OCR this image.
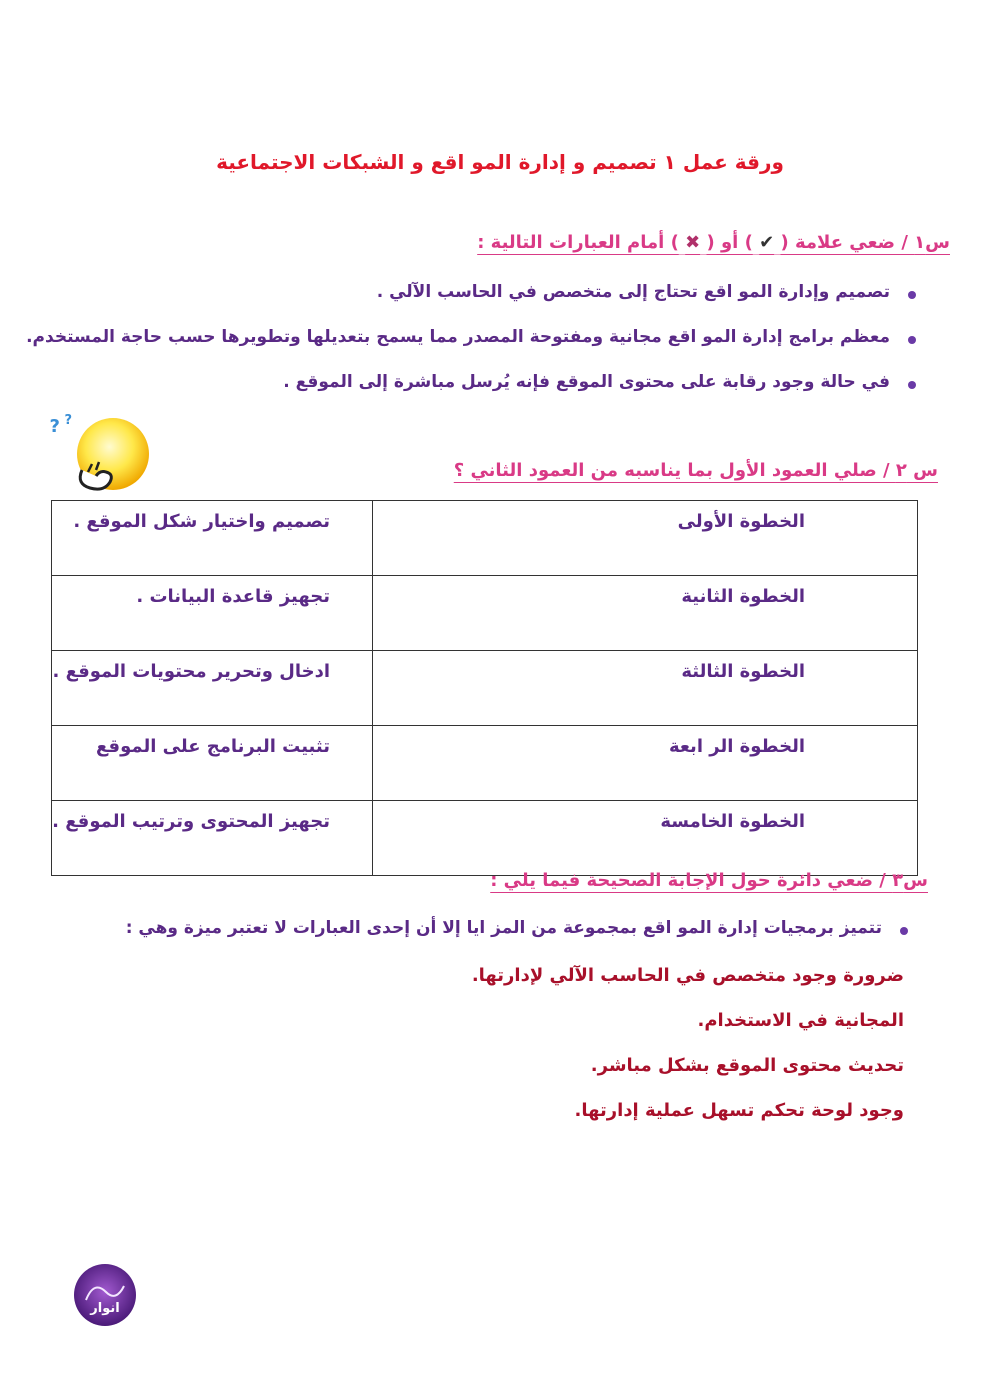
ورقة عمل ١ تصميم و إدارة المو اقع و الشبكات الاجتماعية
س١ / ضعي علامة ( ✔ ) أو ( ✖ ) أمام العبارات التالية :
تصميم وإدارة المو اقع تحتاج إلى متخصص في الحاسب الآلي .
معظم برامج إدارة المو اقع مجانية ومفتوحة المصدر مما يسمح بتعديلها وتطويرها حسب حاجة المستخدم.
في حالة وجود رقابة على محتوى الموقع فإنه يُرسل مباشرة إلى الموقع .
? ?
س ٢ / صلي العمود الأول بما يناسبه من العمود الثاني ؟
الخطوة الأولى	تصميم واختيار شكل الموقع .
الخطوة الثانية	تجهيز قاعدة البيانات .
الخطوة الثالثة	ادخال وتحرير محتويات الموقع .
الخطوة الر ابعة	تثبيت البرنامج على الموقع
الخطوة الخامسة	تجهيز المحتوى وترتيب الموقع .
س٣ / ضعي دائرة حول الإجابة الصحيحة فيما يلي :
تتميز برمجيات إدارة المو اقع بمجموعة من المز ايا إلا أن إحدى العبارات لا تعتبر ميزة وهي :
ضرورة وجود متخصص في الحاسب الآلي لإدارتها.
المجانية في الاستخدام.
تحديث محتوى الموقع بشكل مباشر.
وجود لوحة تحكم تسهل عملية إدارتها.
انوار
